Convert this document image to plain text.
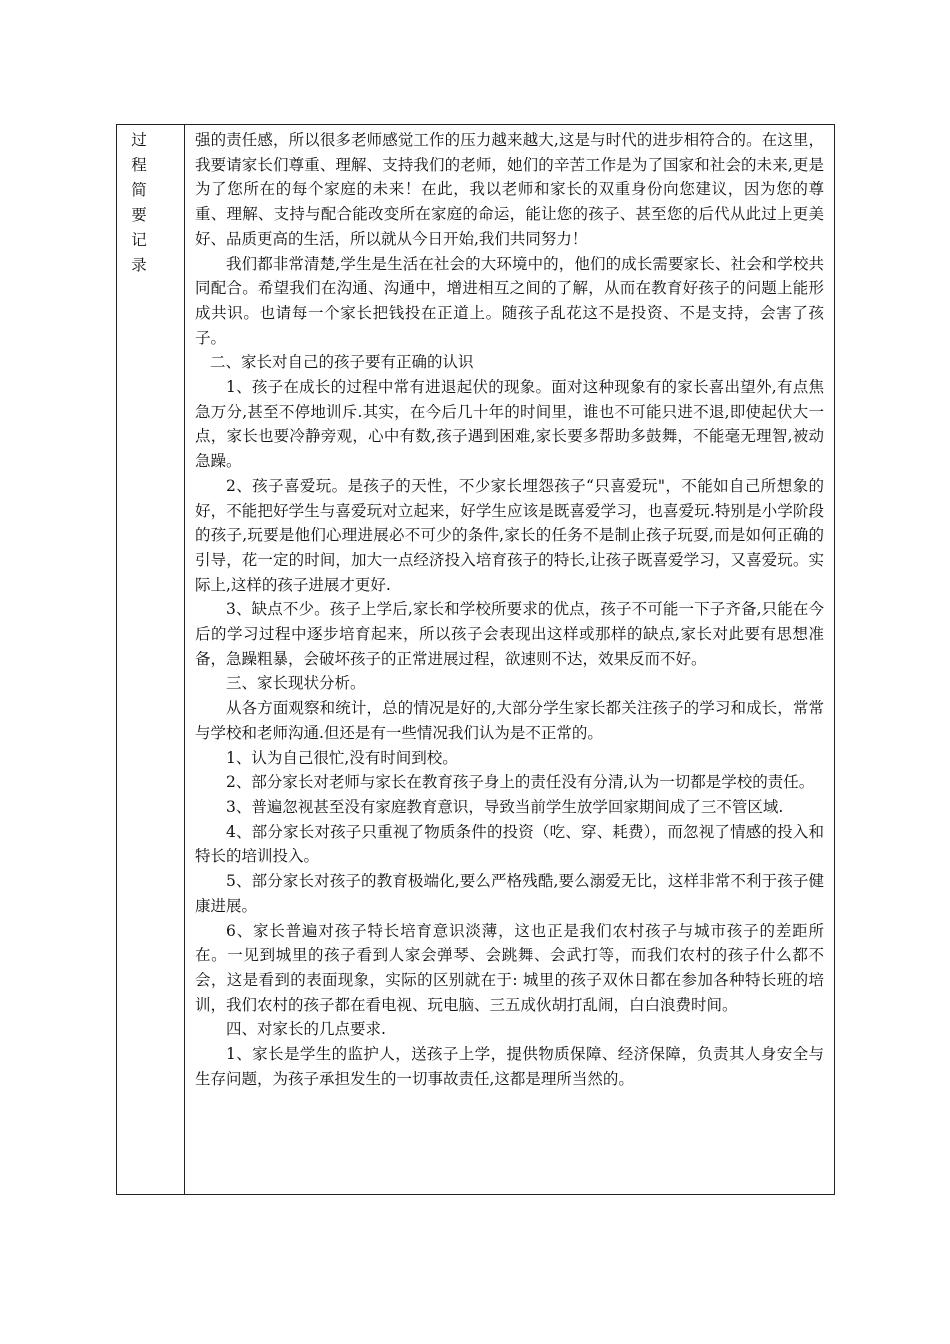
过
程
简
要
记
录

强的责任感，所以很多老师感觉工作的压力越来越大,这是与时代的进步相符合的。在这里，我要请家长们尊重、理解、支持我们的老师，她们的辛苦工作是为了国家和社会的未来,更是为了您所在的每个家庭的未来！在此，我以老师和家长的双重身份向您建议，因为您的尊重、理解、支持与配合能改变所在家庭的命运，能让您的孩子、甚至您的后代从此过上更美好、品质更高的生活，所以就从今日开始,我们共同努力！

我们都非常清楚,学生是生活在社会的大环境中的，他们的成长需要家长、社会和学校共同配合。希望我们在沟通、沟通中，增进相互之间的了解，从而在教育好孩子的问题上能形成共识。也请每一个家长把钱投在正道上。随孩子乱花这不是投资、不是支持，会害了孩子。

二、家长对自己的孩子要有正确的认识

1、孩子在成长的过程中常有进退起伏的现象。面对这种现象有的家长喜出望外,有点焦急万分,甚至不停地训斥.其实，在今后几十年的时间里，谁也不可能只进不退,即使起伏大一点，家长也要冷静旁观，心中有数,孩子遇到困难,家长要多帮助多鼓舞，不能毫无理智,被动急躁。

2、孩子喜爱玩。是孩子的天性，不少家长埋怨孩子“只喜爱玩"，不能如自己所想象的好，不能把好学生与喜爱玩对立起来，好学生应该是既喜爱学习，也喜爱玩.特别是小学阶段的孩子,玩要是他们心理进展必不可少的条件,家长的任务不是制止孩子玩耍,而是如何正确的引导，花一定的时间，加大一点经济投入培育孩子的特长,让孩子既喜爱学习，又喜爱玩。实际上,这样的孩子进展才更好.

3、缺点不少。孩子上学后,家长和学校所要求的优点，孩子不可能一下子齐备,只能在今后的学习过程中逐步培育起来，所以孩子会表现出这样或那样的缺点,家长对此要有思想准备，急躁粗暴，会破坏孩子的正常进展过程，欲速则不达，效果反而不好。

三、家长现状分析。

从各方面观察和统计，总的情况是好的,大部分学生家长都关注孩子的学习和成长，常常与学校和老师沟通.但还是有一些情况我们认为是不正常的。

1、认为自己很忙,没有时间到校。

2、部分家长对老师与家长在教育孩子身上的责任没有分清,认为一切都是学校的责任。

3、普遍忽视甚至没有家庭教育意识，导致当前学生放学回家期间成了三不管区域.

4、部分家长对孩子只重视了物质条件的投资（吃、穿、耗费），而忽视了情感的投入和特长的培训投入。

5、部分家长对孩子的教育极端化,要么严格残酷,要么溺爱无比，这样非常不利于孩子健康进展。

6、家长普遍对孩子特长培育意识淡薄，这也正是我们农村孩子与城市孩子的差距所在。一见到城里的孩子看到人家会弹琴、会跳舞、会武打等，而我们农村的孩子什么都不会，这是看到的表面现象，实际的区别就在于: 城里的孩子双休日都在参加各种特长班的培训，我们农村的孩子都在看电视、玩电脑、三五成伙胡打乱闹，白白浪费时间。

四、对家长的几点要求.

1、家长是学生的监护人，送孩子上学，提供物质保障、经济保障，负责其人身安全与生存问题，为孩子承担发生的一切事故责任,这都是理所当然的。
